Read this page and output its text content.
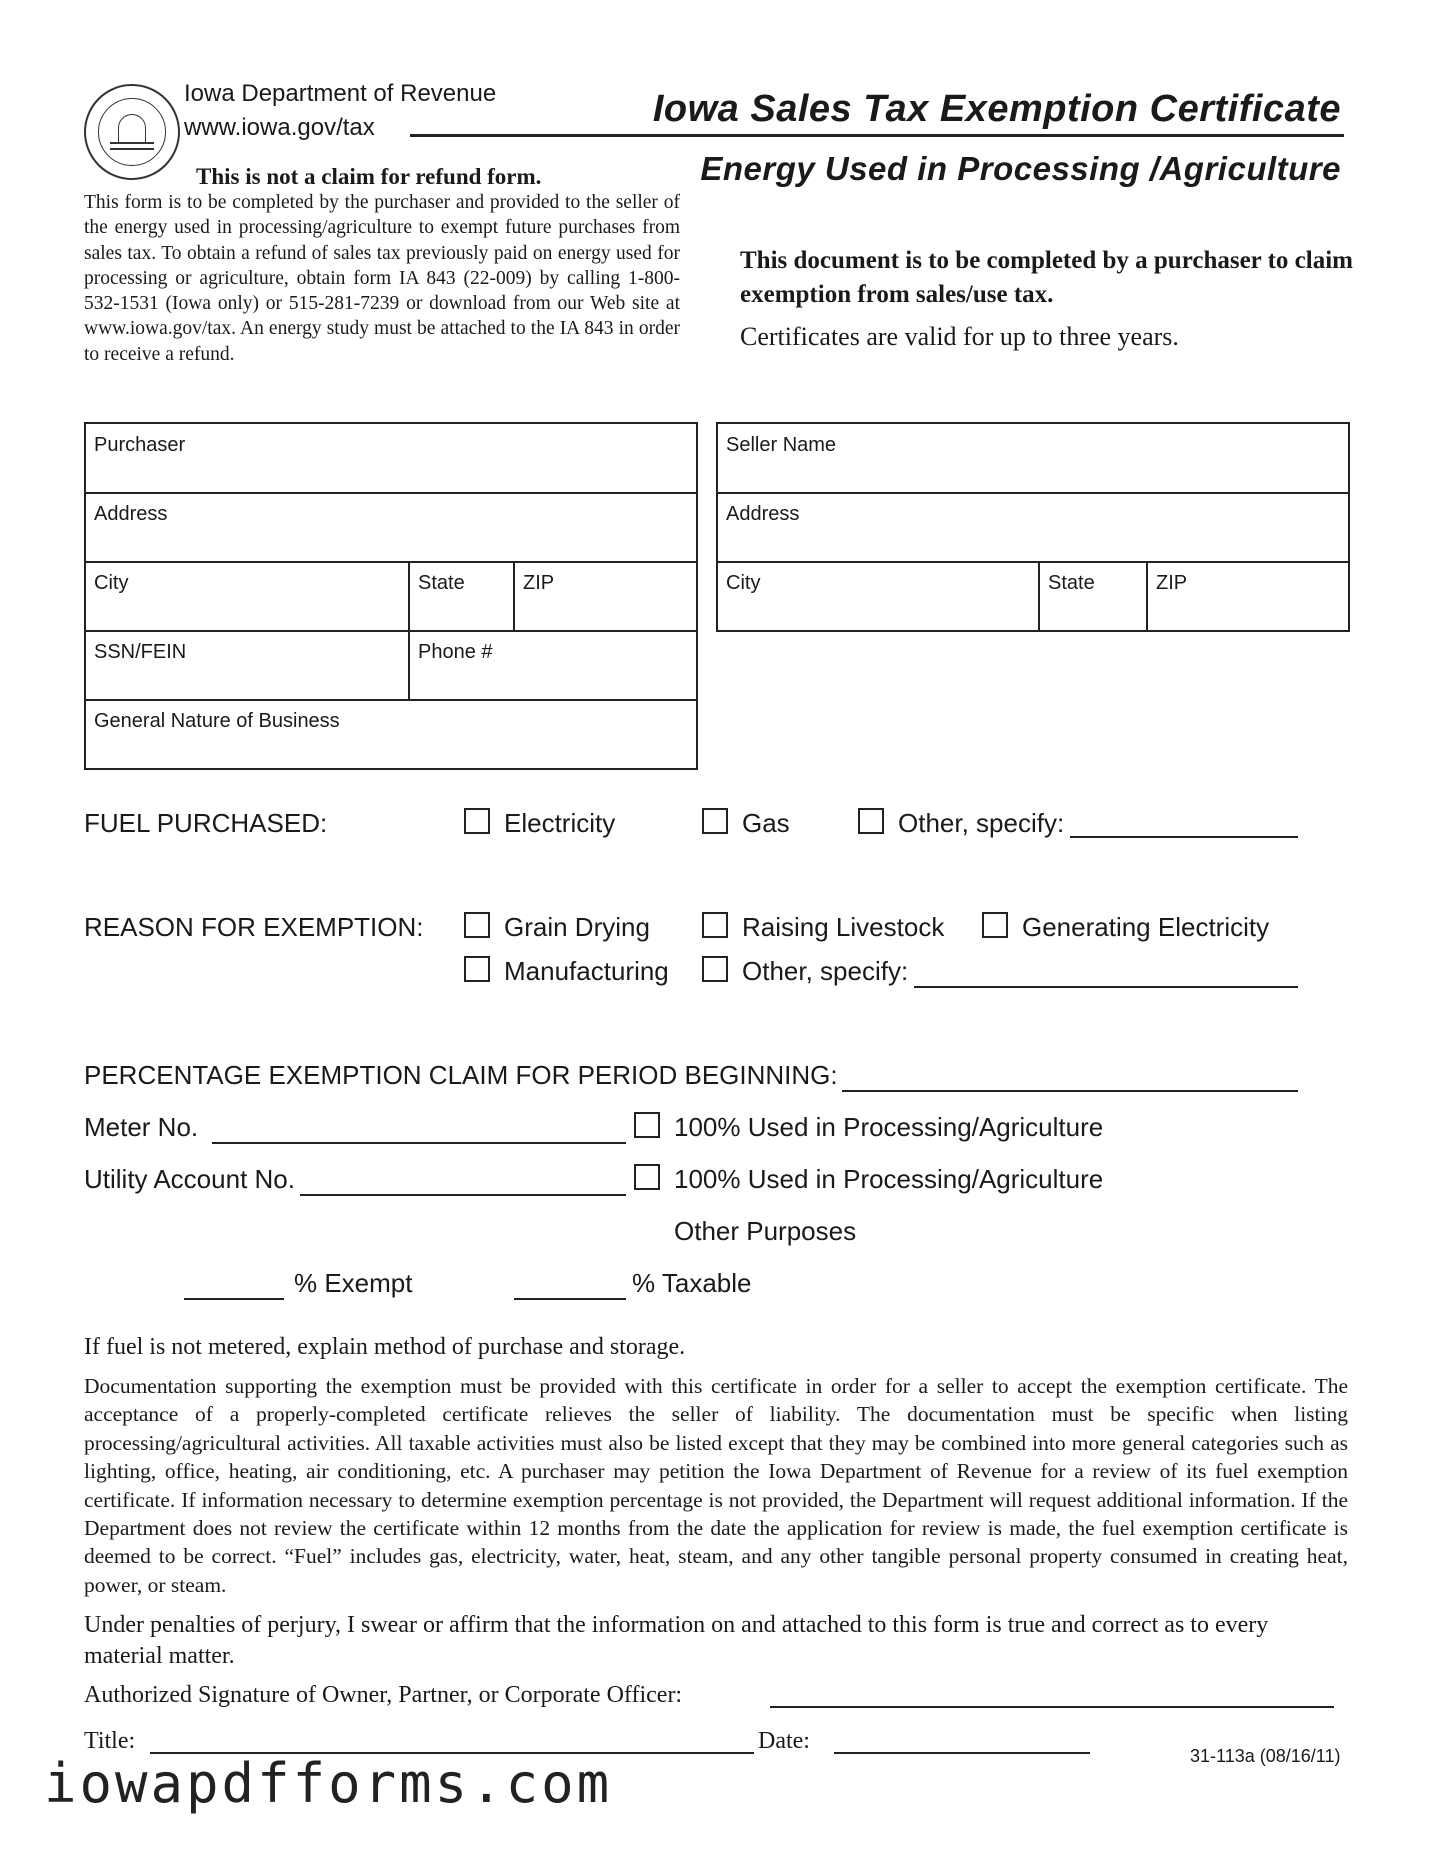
Iowa Department of Revenue
www.iowa.gov/tax	Iowa Sales Tax Exemption Certificate
Energy Used in Processing /Agriculture
This is not a claim for refund form.
This form is to be completed by the purchaser and provided to the seller of the energy used in processing/agriculture to exempt future purchases from sales tax. To obtain a refund of sales tax previously paid on energy used for processing or agriculture, obtain form IA 843 (22-009) by calling 1-800-532-1531 (Iowa only) or 515-281-7239 or download from our Web site at www.iowa.gov/tax. An energy study must be attached to the IA 843 in order to receive a refund.
This document is to be completed by a purchaser to claim exemption from sales/use tax.
Certificates are valid for up to three years.
Purchaser
Address
City	State	ZIP
SSN/FEIN	Phone #
General Nature of Business
Seller Name
Address
City	State	ZIP
FUEL PURCHASED:	Electricity	Gas	Other, specify:
REASON FOR EXEMPTION:	Grain Drying	Raising Livestock	Generating Electricity
Manufacturing	Other, specify:
PERCENTAGE EXEMPTION CLAIM FOR PERIOD BEGINNING:
Meter No.	100% Used in Processing/Agriculture
Utility Account No.	100% Used in Processing/Agriculture
Other Purposes
% Exempt	% Taxable
If fuel is not metered, explain method of purchase and storage.
Documentation supporting the exemption must be provided with this certificate in order for a seller to accept the exemption certificate. The acceptance of a properly-completed certificate relieves the seller of liability. The documentation must be specific when listing processing/agricultural activities. All taxable activities must also be listed except that they may be combined into more general categories such as lighting, office, heating, air conditioning, etc. A purchaser may petition the Iowa Department of Revenue for a review of its fuel exemption certificate. If information necessary to determine exemption percentage is not provided, the Department will request additional information. If the Department does not review the certificate within 12 months from the date the application for review is made, the fuel exemption certificate is deemed to be correct. “Fuel” includes gas, electricity, water, heat, steam, and any other tangible personal property consumed in creating heat, power, or steam.
Under penalties of perjury, I swear or affirm that the information on and attached to this form is true and correct as to every material matter.
Authorized Signature of Owner, Partner, or Corporate Officer:
Title:	Date:
31-113a (08/16/11)
iowapdfforms.com
